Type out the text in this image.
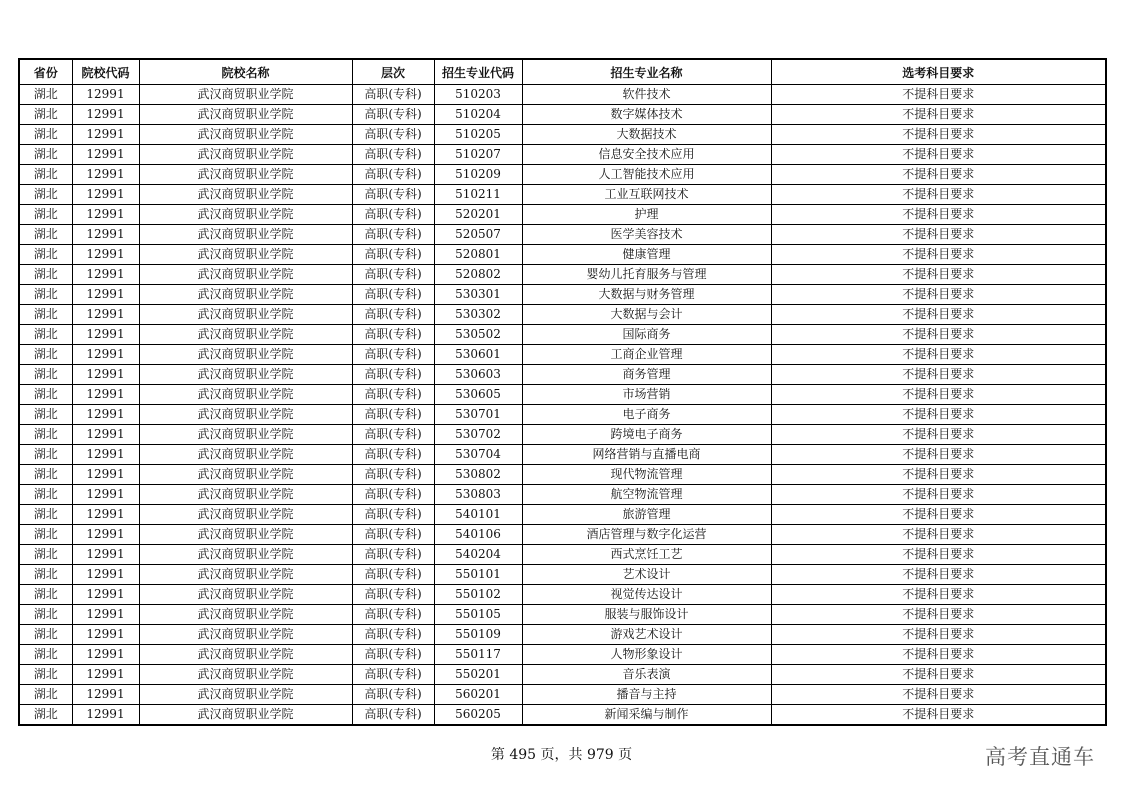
省份	院校代码	院校名称	层次	招生专业代码	招生专业名称	选考科目要求
湖北	12991	武汉商贸职业学院	高职(专科)	510203	软件技术	不提科目要求
湖北	12991	武汉商贸职业学院	高职(专科)	510204	数字媒体技术	不提科目要求
湖北	12991	武汉商贸职业学院	高职(专科)	510205	大数据技术	不提科目要求
湖北	12991	武汉商贸职业学院	高职(专科)	510207	信息安全技术应用	不提科目要求
湖北	12991	武汉商贸职业学院	高职(专科)	510209	人工智能技术应用	不提科目要求
湖北	12991	武汉商贸职业学院	高职(专科)	510211	工业互联网技术	不提科目要求
湖北	12991	武汉商贸职业学院	高职(专科)	520201	护理	不提科目要求
湖北	12991	武汉商贸职业学院	高职(专科)	520507	医学美容技术	不提科目要求
湖北	12991	武汉商贸职业学院	高职(专科)	520801	健康管理	不提科目要求
湖北	12991	武汉商贸职业学院	高职(专科)	520802	婴幼儿托育服务与管理	不提科目要求
湖北	12991	武汉商贸职业学院	高职(专科)	530301	大数据与财务管理	不提科目要求
湖北	12991	武汉商贸职业学院	高职(专科)	530302	大数据与会计	不提科目要求
湖北	12991	武汉商贸职业学院	高职(专科)	530502	国际商务	不提科目要求
湖北	12991	武汉商贸职业学院	高职(专科)	530601	工商企业管理	不提科目要求
湖北	12991	武汉商贸职业学院	高职(专科)	530603	商务管理	不提科目要求
湖北	12991	武汉商贸职业学院	高职(专科)	530605	市场营销	不提科目要求
湖北	12991	武汉商贸职业学院	高职(专科)	530701	电子商务	不提科目要求
湖北	12991	武汉商贸职业学院	高职(专科)	530702	跨境电子商务	不提科目要求
湖北	12991	武汉商贸职业学院	高职(专科)	530704	网络营销与直播电商	不提科目要求
湖北	12991	武汉商贸职业学院	高职(专科)	530802	现代物流管理	不提科目要求
湖北	12991	武汉商贸职业学院	高职(专科)	530803	航空物流管理	不提科目要求
湖北	12991	武汉商贸职业学院	高职(专科)	540101	旅游管理	不提科目要求
湖北	12991	武汉商贸职业学院	高职(专科)	540106	酒店管理与数字化运营	不提科目要求
湖北	12991	武汉商贸职业学院	高职(专科)	540204	西式烹饪工艺	不提科目要求
湖北	12991	武汉商贸职业学院	高职(专科)	550101	艺术设计	不提科目要求
湖北	12991	武汉商贸职业学院	高职(专科)	550102	视觉传达设计	不提科目要求
湖北	12991	武汉商贸职业学院	高职(专科)	550105	服装与服饰设计	不提科目要求
湖北	12991	武汉商贸职业学院	高职(专科)	550109	游戏艺术设计	不提科目要求
湖北	12991	武汉商贸职业学院	高职(专科)	550117	人物形象设计	不提科目要求
湖北	12991	武汉商贸职业学院	高职(专科)	550201	音乐表演	不提科目要求
湖北	12991	武汉商贸职业学院	高职(专科)	560201	播音与主持	不提科目要求
湖北	12991	武汉商贸职业学院	高职(专科)	560205	新闻采编与制作	不提科目要求
第 495 页，共 979 页	高考直通车
